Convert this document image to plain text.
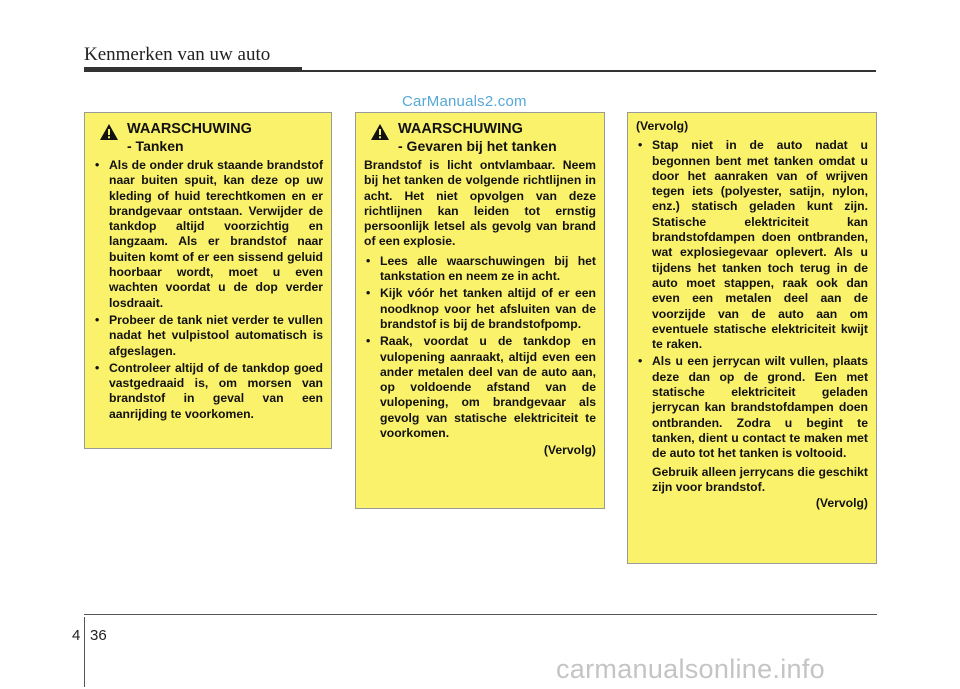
Kenmerken van uw auto
CarManuals2.com
WAARSCHUWING
- Tanken
• Als de onder druk staande brandstof naar buiten spuit, kan deze op uw kleding of huid terechtkomen en er brandgevaar ontstaan. Verwijder de tankdop altijd voorzichtig en langzaam. Als er brandstof naar buiten komt of er een sissend geluid hoorbaar wordt, moet u even wachten voordat u de dop verder losdraait.
• Probeer de tank niet verder te vullen nadat het vulpistool automatisch is afgeslagen.
• Controleer altijd of de tankdop goed vastgedraaid is, om morsen van brandstof in geval van een aanrijding te voorkomen.
WAARSCHUWING
- Gevaren bij het tanken

Brandstof is licht ontvlambaar. Neem bij het tanken de volgende richtlijnen in acht. Het niet opvolgen van deze richtlijnen kan leiden tot ernstig persoonlijk letsel als gevolg van brand of een explosie.

• Lees alle waarschuwingen bij het tankstation en neem ze in acht.
• Kijk vóór het tanken altijd of er een noodknop voor het afsluiten van de brandstof is bij de brandstofpomp.
• Raak, voordat u de tankdop en vulopening aanraakt, altijd even een ander metalen deel van de auto aan, op voldoende afstand van de vulopening, om brandgevaar als gevolg van statische elektriciteit te voorkomen.
(Vervolg)
(Vervolg)
• Stap niet in de auto nadat u begonnen bent met tanken omdat u door het aanraken van of wrijven tegen iets (polyester, satijn, nylon, enz.) statisch geladen kunt zijn. Statische elektriciteit kan brandstofdampen doen ontbranden, wat explosiegevaar oplevert. Als u tijdens het tanken toch terug in de auto moet stappen, raak ook dan even een metalen deel aan de voorzijde van de auto aan om eventuele statische elektriciteit kwijt te raken.
• Als u een jerrycan wilt vullen, plaats deze dan op de grond. Een met statische elektriciteit geladen jerrycan kan brandstofdampen doen ontbranden. Zodra u begint te tanken, dient u contact te maken met de auto tot het tanken is voltooid.
Gebruik alleen jerrycans die geschikt zijn voor brandstof.
(Vervolg)
4 36
carmanualsonline.info
